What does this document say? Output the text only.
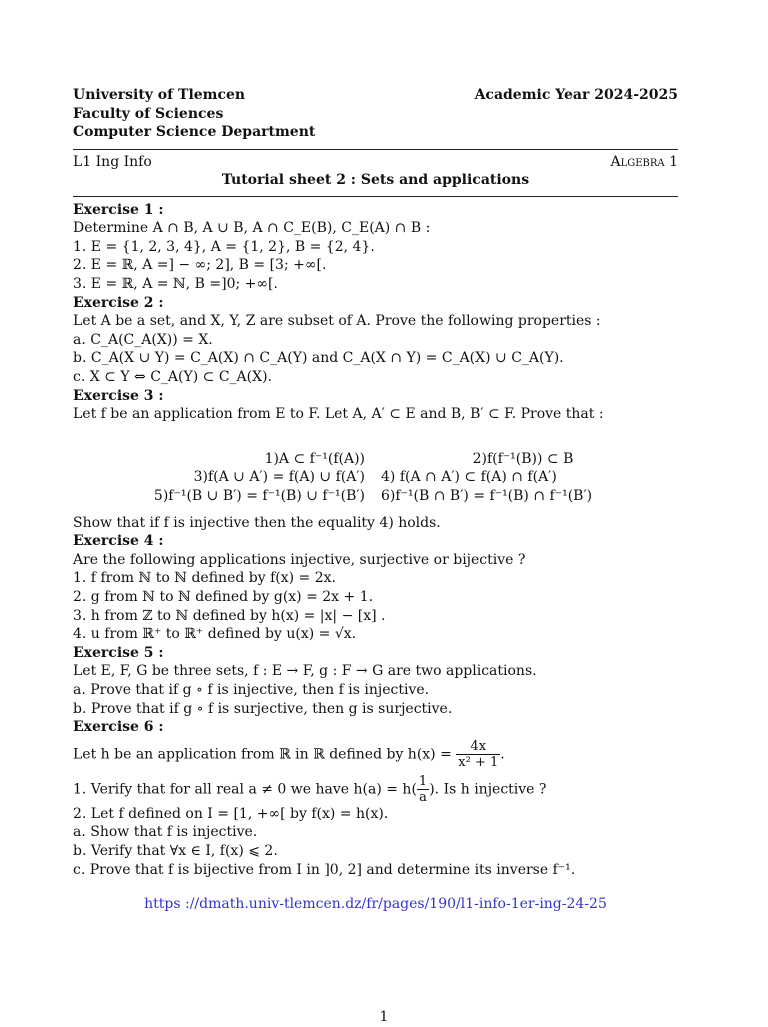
University of Tlemcen
Faculty of Sciences
Computer Science Department
Academic Year 2024-2025
L1 Ing Info	Algebra 1
Tutorial sheet 2 : Sets and applications
Exercise 1 :
Determine A ∩ B, A ∪ B, A ∩ C_E(B), C_E(A) ∩ B :
1. E = {1, 2, 3, 4}, A = {1, 2}, B = {2, 4}.
2. E = ℝ, A =] − ∞; 2], B = [3; +∞[.
3. E = ℝ, A = ℕ, B =]0; +∞[.
Exercise 2 :
Let A be a set, and X, Y, Z are subset of A. Prove the following properties :
a. C_A(C_A(X)) = X.
b. C_A(X ∪ Y) = C_A(X) ∩ C_A(Y) and C_A(X ∩ Y) = C_A(X) ∪ C_A(Y).
c. X ⊂ Y ⇔ C_A(Y) ⊂ C_A(X).
Exercise 3 :
Let f be an application from E to F. Let A, A′ ⊂ E and B, B′ ⊂ F. Prove that :
1)A ⊂ f⁻¹(f(A))	2)f(f⁻¹(B)) ⊂ B
3)f(A ∪ A′) = f(A) ∪ f(A′)	4) f(A ∩ A′) ⊂ f(A) ∩ f(A′)
5)f⁻¹(B ∪ B′) = f⁻¹(B) ∪ f⁻¹(B′)	6)f⁻¹(B ∩ B′) = f⁻¹(B) ∩ f⁻¹(B′)
Show that if f is injective then the equality 4) holds.
Exercise 4 :
Are the following applications injective, surjective or bijective ?
1. f from ℕ to ℕ defined by f(x) = 2x.
2. g from ℕ to ℕ defined by g(x) = 2x + 1.
3. h from ℤ to ℕ defined by h(x) = |x| − [x] .
4. u from ℝ⁺ to ℝ⁺ defined by u(x) = √x.
Exercise 5 :
Let E, F, G be three sets, f : E → F, g : F → G are two applications.
a. Prove that if g ∘ f is injective, then f is injective.
b. Prove that if g ∘ f is surjective, then g is surjective.
Exercise 6 :
Let h be an application from ℝ in ℝ defined by $h(x) = \frac{4x}{\text{x² + 1}}$ .
1. Verify that for all real a ≠ 0 we have $h(a) = h( \frac{1}{a}$ ). Is h injective ?
2. Let f defined on I = [1, +∞[ by f(x) = h(x).
a. Show that f is injective.
b. Verify that ∀x ∈ I, f(x) ⩽ 2.
c. Prove that f is bijective from I in ]0, 2] and determine its inverse f⁻¹.
https ://dmath.univ-tlemcen.dz/fr/pages/190/l1-info-1er-ing-24-25
1
